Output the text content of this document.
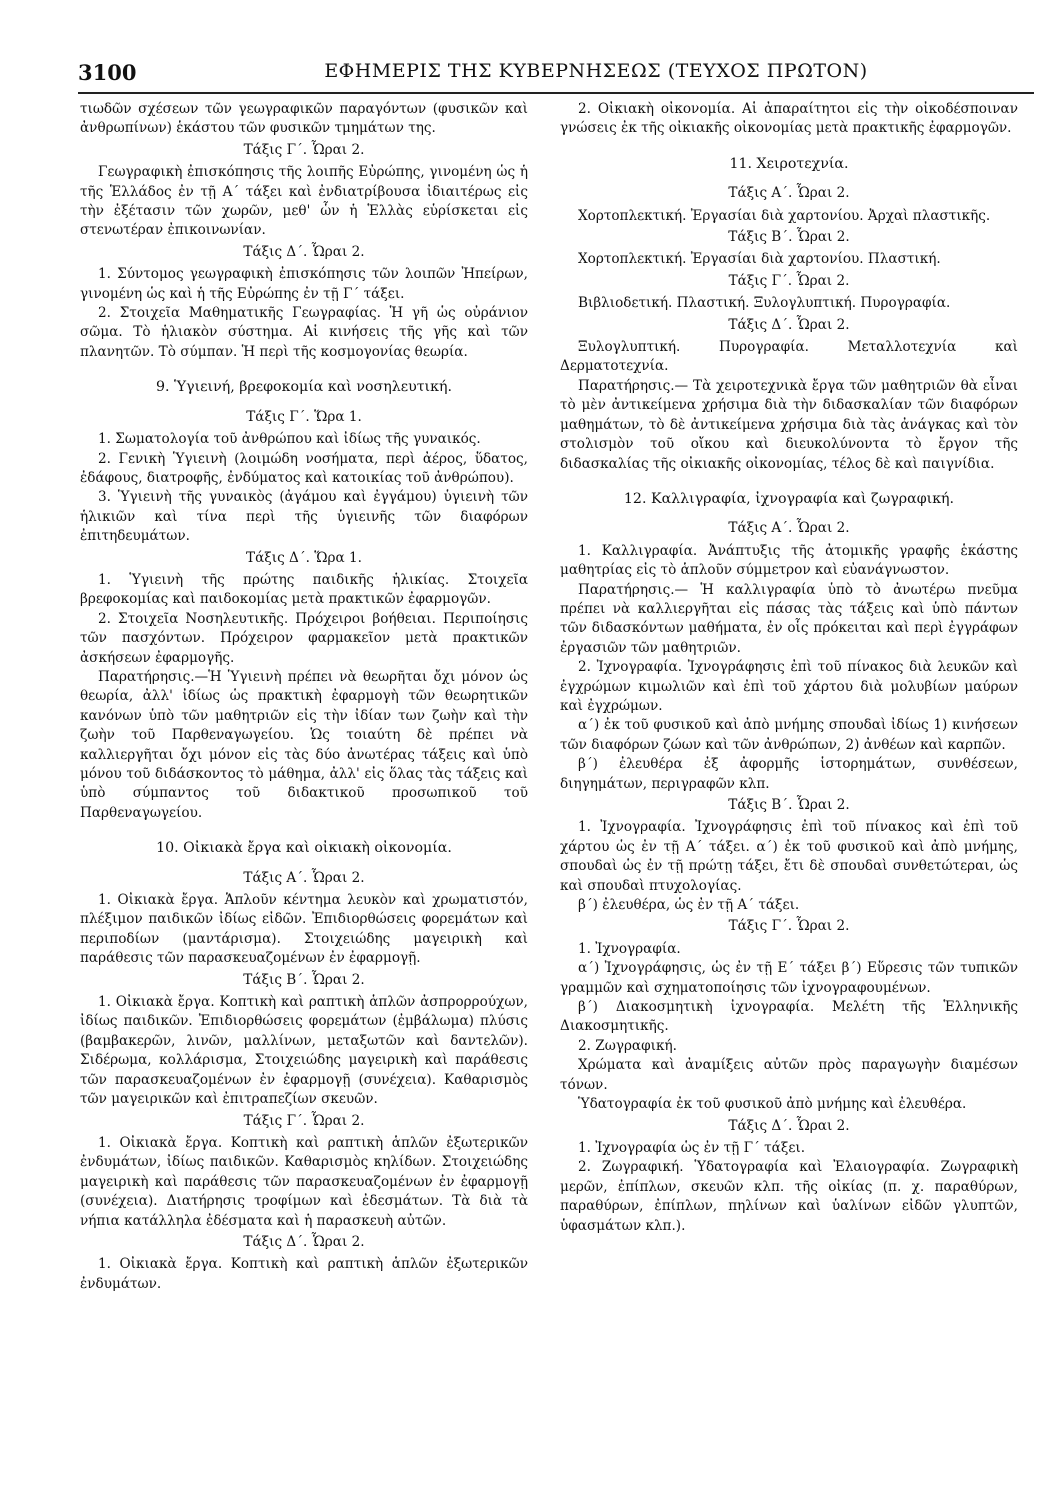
3100	ΕΦΗΜΕΡΙΣ ΤΗΣ ΚΥΒΕΡΝΗΣΕΩΣ (ΤΕΥΧΟΣ ΠΡΩΤΟΝ)

τιωδῶν σχέσεων τῶν γεωγραφικῶν παραγόντων (φυσικῶν καὶ ἀνθρωπίνων) ἑκάστου τῶν φυσικῶν τμημάτων της.

Τάξις Γ΄. Ὧραι 2.

Γεωγραφικὴ ἐπισκόπησις τῆς λοιπῆς Εὐρώπης, γινομένη ὡς ἡ τῆς Ἑλλάδος ἐν τῇ Α΄ τάξει καὶ ἐνδιατρίβουσα ἰδιαιτέρως εἰς τὴν ἐξέτασιν τῶν χωρῶν, μεθ' ὧν ἡ Ἑλλὰς εὑρίσκεται εἰς στενωτέραν ἐπικοινωνίαν.

Τάξις Δ΄. Ὧραι 2.

1. Σύντομος γεωγραφικὴ ἐπισκόπησις τῶν λοιπῶν Ἠπείρων, γινομένη ὡς καὶ ἡ τῆς Εὐρώπης ἐν τῇ Γ΄ τάξει.

2. Στοιχεῖα Μαθηματικῆς Γεωγραφίας. Ἡ γῆ ὡς οὐράνιον σῶμα. Τὸ ἡλιακὸν σύστημα. Αἱ κινήσεις τῆς γῆς καὶ τῶν πλανητῶν. Τὸ σύμπαν. Ἡ περὶ τῆς κοσμογονίας θεωρία.

9. Ὑγιεινή, βρεφοκομία καὶ νοσηλευτική.

Τάξις Γ΄. Ὥρα 1.

1. Σωματολογία τοῦ ἀνθρώπου καὶ ἰδίως τῆς γυναικός.

2. Γενικὴ Ὑγιεινὴ (λοιμώδη νοσήματα, περὶ ἀέρος, ὕδατος, ἐδάφους, διατροφῆς, ἐνδύματος καὶ κατοικίας τοῦ ἀνθρώπου).

3. Ὑγιεινὴ τῆς γυναικὸς (ἀγάμου καὶ ἐγγάμου) ὑγιεινὴ τῶν ἡλικιῶν καὶ τίνα περὶ τῆς ὑγιεινῆς τῶν διαφόρων ἐπιτηδευμάτων.

Τάξις Δ΄. Ὥρα 1.

1. Ὑγιεινὴ τῆς πρώτης παιδικῆς ἡλικίας. Στοιχεῖα βρεφοκομίας καὶ παιδοκομίας μετὰ πρακτικῶν ἐφαρμογῶν.

2. Στοιχεῖα Νοσηλευτικῆς. Πρόχειροι βοήθειαι. Περιποίησις τῶν πασχόντων. Πρόχειρον φαρμακεῖον μετὰ πρακτικῶν ἀσκήσεων ἐφαρμογῆς.

Παρατήρησις.—Ἡ Ὑγιεινὴ πρέπει νὰ θεωρῆται ὄχι μόνον ὡς θεωρία, ἀλλ' ἰδίως ὡς πρακτικὴ ἐφαρμογὴ τῶν θεωρητικῶν κανόνων ὑπὸ τῶν μαθητριῶν εἰς τὴν ἰδίαν των ζωὴν καὶ τὴν ζωὴν τοῦ Παρθεναγωγείου. Ὡς τοιαύτη δὲ πρέπει νὰ καλλιεργῆται ὄχι μόνον εἰς τὰς δύο ἀνωτέρας τάξεις καὶ ὑπὸ μόνου τοῦ διδάσκοντος τὸ μάθημα, ἀλλ' εἰς ὅλας τὰς τάξεις καὶ ὑπὸ σύμπαντος τοῦ διδακτικοῦ προσωπικοῦ τοῦ Παρθεναγωγείου.

10. Οἰκιακὰ ἔργα καὶ οἰκιακὴ οἰκονομία.

Τάξις Α΄. Ὧραι 2.

1. Οἰκιακὰ ἔργα. Ἁπλοῦν κέντημα λευκὸν καὶ χρωματιστόν, πλέξιμον παιδικῶν ἰδίως εἰδῶν. Ἐπιδιορθώσεις φορεμάτων καὶ περιποδίων (μαντάρισμα). Στοιχειώδης μαγειρικὴ καὶ παράθεσις τῶν παρασκευαζομένων ἐν ἐφαρμογῇ.

Τάξις Β΄. Ὧραι 2.

1. Οἰκιακὰ ἔργα. Κοπτικὴ καὶ ραπτικὴ ἁπλῶν ἀσπρορρούχων, ἰδίως παιδικῶν. Ἐπιδιορθώσεις φορεμάτων (ἐμβάλωμα) πλύσις (βαμβακερῶν, λινῶν, μαλλίνων, μεταξωτῶν καὶ δαντελῶν). Σιδέρωμα, κολλάρισμα, Στοιχειώδης μαγειρικὴ καὶ παράθεσις τῶν παρασκευαζομένων ἐν ἐφαρμογῇ (συνέχεια). Καθαρισμὸς τῶν μαγειρικῶν καὶ ἐπιτραπεζίων σκευῶν.

Τάξις Γ΄. Ὧραι 2.

1. Οἰκιακὰ ἔργα. Κοπτικὴ καὶ ραπτικὴ ἁπλῶν ἐξωτερικῶν ἐνδυμάτων, ἰδίως παιδικῶν. Καθαρισμὸς κηλίδων. Στοιχειώδης μαγειρικὴ καὶ παράθεσις τῶν παρασκευαζομένων ἐν ἐφαρμογῇ (συνέχεια). Διατήρησις τροφίμων καὶ ἐδεσμάτων. Τὰ διὰ τὰ νήπια κατάλληλα ἐδέσματα καὶ ἡ παρασκευὴ αὐτῶν.

Τάξις Δ΄. Ὧραι 2.

1. Οἰκιακὰ ἔργα. Κοπτικὴ καὶ ραπτικὴ ἁπλῶν ἐξωτερικῶν ἐνδυμάτων.

2. Οἰκιακὴ οἰκονομία. Αἱ ἀπαραίτητοι εἰς τὴν οἰκοδέσποιναν γνώσεις ἐκ τῆς οἰκιακῆς οἰκονομίας μετὰ πρακτικῆς ἐφαρμογῶν.

11. Χειροτεχνία.

Τάξις Α΄. Ὧραι 2.

Χορτοπλεκτική. Ἐργασίαι διὰ χαρτονίου. Ἀρχαὶ πλαστικῆς.

Τάξις Β΄. Ὧραι 2.

Χορτοπλεκτική. Ἐργασίαι διὰ χαρτονίου. Πλαστική.

Τάξις Γ΄. Ὧραι 2.

Βιβλιοδετική. Πλαστική. Ξυλογλυπτική. Πυρογραφία.

Τάξις Δ΄. Ὧραι 2.

Ξυλογλυπτική. Πυρογραφία. Μεταλλοτεχνία καὶ Δερματοτεχνία.

Παρατήρησις.— Τὰ χειροτεχνικὰ ἔργα τῶν μαθητριῶν θὰ εἶναι τὸ μὲν ἀντικείμενα χρήσιμα διὰ τὴν διδασκαλίαν τῶν διαφόρων μαθημάτων, τὸ δὲ ἀντικείμενα χρήσιμα διὰ τὰς ἀνάγκας καὶ τὸν στολισμὸν τοῦ οἴκου καὶ διευκολύνοντα τὸ ἔργον τῆς διδασκαλίας τῆς οἰκιακῆς οἰκονομίας, τέλος δὲ καὶ παιγνίδια.

12. Καλλιγραφία, ἰχνογραφία καὶ ζωγραφική.

Τάξις Α΄. Ὧραι 2.

1. Καλλιγραφία. Ἀνάπτυξις τῆς ἀτομικῆς γραφῆς ἑκάστης μαθητρίας εἰς τὸ ἁπλοῦν σύμμετρον καὶ εὐανάγνωστον.

Παρατήρησις.— Ἡ καλλιγραφία ὑπὸ τὸ ἀνωτέρω πνεῦμα πρέπει νὰ καλλιεργῆται εἰς πάσας τὰς τάξεις καὶ ὑπὸ πάντων τῶν διδασκόντων μαθήματα, ἐν οἷς πρόκειται καὶ περὶ ἐγγράφων ἐργασιῶν τῶν μαθητριῶν.

2. Ἰχνογραφία. Ἰχνογράφησις ἐπὶ τοῦ πίνακος διὰ λευκῶν καὶ ἐγχρώμων κιμωλιῶν καὶ ἐπὶ τοῦ χάρτου διὰ μολυβίων μαύρων καὶ ἐγχρώμων.

α΄) ἐκ τοῦ φυσικοῦ καὶ ἀπὸ μνήμης σπουδαὶ ἰδίως 1) κινήσεων τῶν διαφόρων ζώων καὶ τῶν ἀνθρώπων, 2) ἀνθέων καὶ καρπῶν.

β΄) ἐλευθέρα ἐξ ἀφορμῆς ἱστορημάτων, συνθέσεων, διηγημάτων, περιγραφῶν κλπ.

Τάξις Β΄. Ὧραι 2.

1. Ἰχνογραφία. Ἰχνογράφησις ἐπὶ τοῦ πίνακος καὶ ἐπὶ τοῦ χάρτου ὡς ἐν τῇ Α΄ τάξει. α΄) ἐκ τοῦ φυσικοῦ καὶ ἀπὸ μνήμης, σπουδαὶ ὡς ἐν τῇ πρώτῃ τάξει, ἔτι δὲ σπουδαὶ συνθετώτεραι, ὡς καὶ σπουδαὶ πτυχολογίας.

β΄) ἐλευθέρα, ὡς ἐν τῇ Α΄ τάξει.

Τάξις Γ΄. Ὧραι 2.

1. Ἰχνογραφία.

α΄) Ἰχνογράφησις, ὡς ἐν τῇ Ε΄ τάξει β΄) Εὕρεσις τῶν τυπικῶν γραμμῶν καὶ σχηματοποίησις τῶν ἰχνογραφουμένων.

β΄) Διακοσμητικὴ ἰχνογραφία. Μελέτη τῆς Ἑλληνικῆς Διακοσμητικῆς.

2. Ζωγραφική.

Χρώματα καὶ ἀναμίξεις αὐτῶν πρὸς παραγωγὴν διαμέσων τόνων.

Ὑδατογραφία ἐκ τοῦ φυσικοῦ ἀπὸ μνήμης καὶ ἐλευθέρα.

Τάξις Δ΄. Ὧραι 2.

1. Ἰχνογραφία ὡς ἐν τῇ Γ΄ τάξει.

2. Ζωγραφική. Ὑδατογραφία καὶ Ἐλαιογραφία. Ζωγραφικὴ μερῶν, ἐπίπλων, σκευῶν κλπ. τῆς οἰκίας (π. χ. παραθύρων, παραθύρων, ἐπίπλων, πηλίνων καὶ ὑαλίνων εἰδῶν γλυπτῶν, ὑφασμάτων κλπ.).
